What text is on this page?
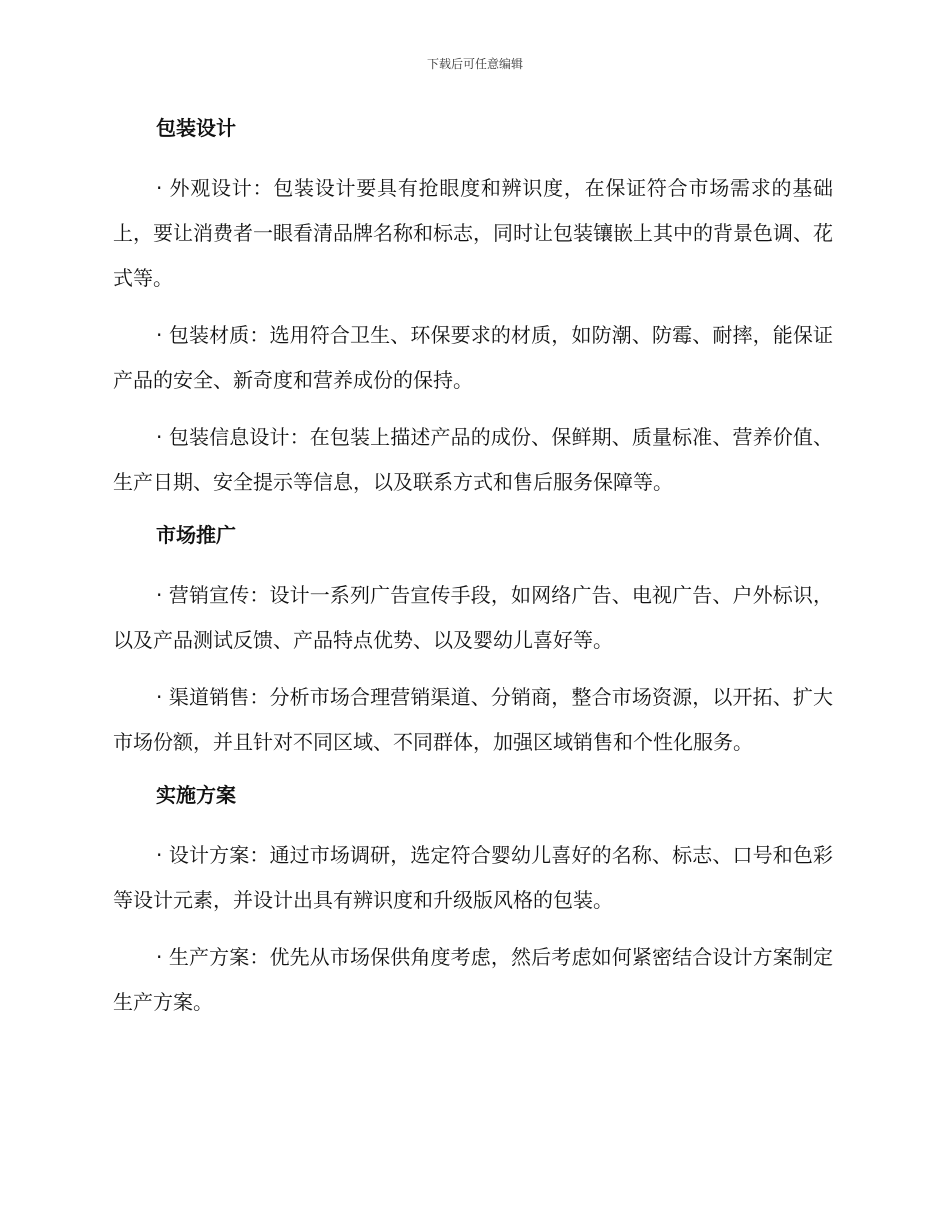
下载后可任意编辑
包装设计

· 外观设计：包装设计要具有抢眼度和辨识度，在保证符合市场需求的基础上，要让消费者一眼看清品牌名称和标志，同时让包装镶嵌上其中的背景色调、花式等。

· 包装材质：选用符合卫生、环保要求的材质，如防潮、防霉、耐摔，能保证产品的安全、新奇度和营养成份的保持。

· 包装信息设计：在包装上描述产品的成份、保鲜期、质量标准、营养价值、生产日期、安全提示等信息，以及联系方式和售后服务保障等。

市场推广

· 营销宣传：设计一系列广告宣传手段，如网络广告、电视广告、户外标识，以及产品测试反馈、产品特点优势、以及婴幼儿喜好等。

· 渠道销售：分析市场合理营销渠道、分销商，整合市场资源，以开拓、扩大市场份额，并且针对不同区域、不同群体，加强区域销售和个性化服务。

实施方案

· 设计方案：通过市场调研，选定符合婴幼儿喜好的名称、标志、口号和色彩等设计元素，并设计出具有辨识度和升级版风格的包装。

· 生产方案：优先从市场保供角度考虑，然后考虑如何紧密结合设计方案制定生产方案。
